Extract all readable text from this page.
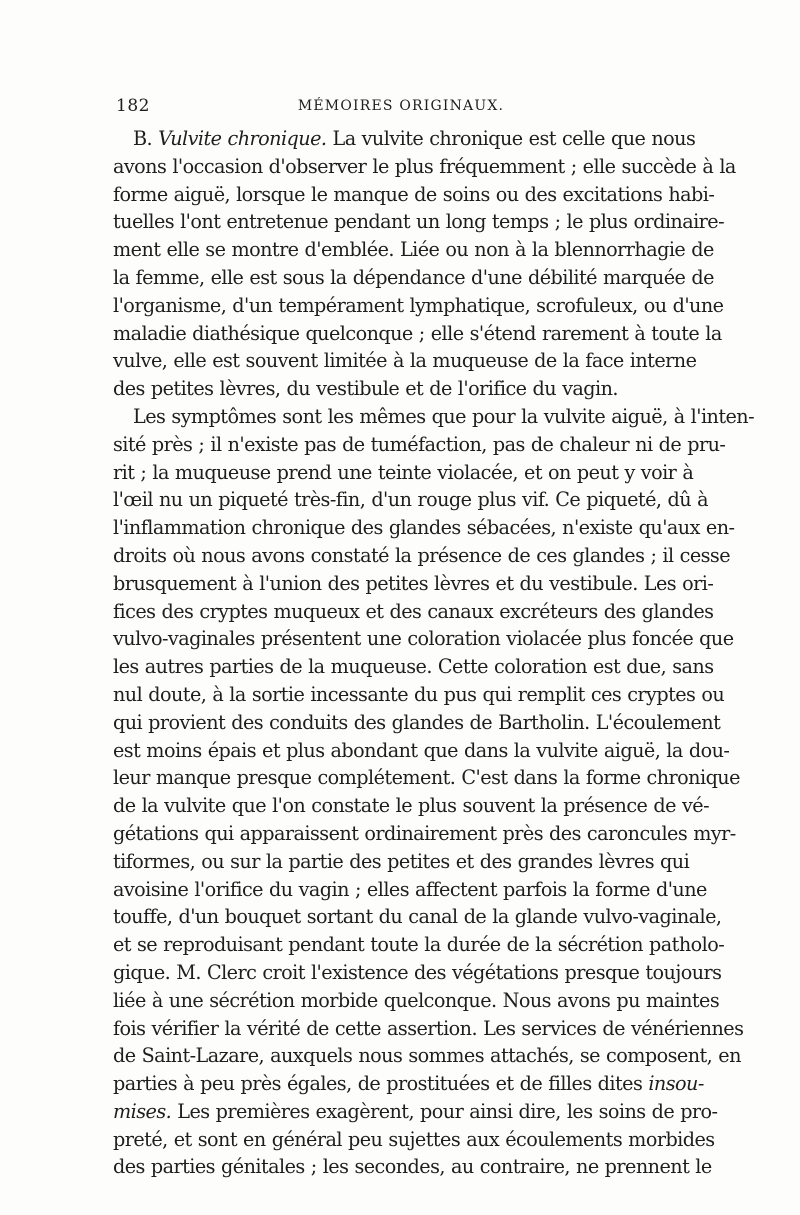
182	MÉMOIRES ORIGINAUX.
B. Vulvite chronique. La vulvite chronique est celle que nous
avons l'occasion d'observer le plus fréquemment ; elle succède à la
forme aiguë, lorsque le manque de soins ou des excitations habi-
tuelles l'ont entretenue pendant un long temps ; le plus ordinaire-
ment elle se montre d'emblée. Liée ou non à la blennorrhagie de
la femme, elle est sous la dépendance d'une débilité marquée de
l'organisme, d'un tempérament lymphatique, scrofuleux, ou d'une
maladie diathésique quelconque ; elle s'étend rarement à toute la
vulve, elle est souvent limitée à la muqueuse de la face interne
des petites lèvres, du vestibule et de l'orifice du vagin.
Les symptômes sont les mêmes que pour la vulvite aiguë, à l'inten-
sité près ; il n'existe pas de tuméfaction, pas de chaleur ni de pru-
rit ; la muqueuse prend une teinte violacée, et on peut y voir à
l'œil nu un piqueté très-fin, d'un rouge plus vif. Ce piqueté, dû à
l'inflammation chronique des glandes sébacées, n'existe qu'aux en-
droits où nous avons constaté la présence de ces glandes ; il cesse
brusquement à l'union des petites lèvres et du vestibule. Les ori-
fices des cryptes muqueux et des canaux excréteurs des glandes
vulvo-vaginales présentent une coloration violacée plus foncée que
les autres parties de la muqueuse. Cette coloration est due, sans
nul doute, à la sortie incessante du pus qui remplit ces cryptes ou
qui provient des conduits des glandes de Bartholin. L'écoulement
est moins épais et plus abondant que dans la vulvite aiguë, la dou-
leur manque presque complétement. C'est dans la forme chronique
de la vulvite que l'on constate le plus souvent la présence de vé-
gétations qui apparaissent ordinairement près des caroncules myr-
tiformes, ou sur la partie des petites et des grandes lèvres qui
avoisine l'orifice du vagin ; elles affectent parfois la forme d'une
touffe, d'un bouquet sortant du canal de la glande vulvo-vaginale,
et se reproduisant pendant toute la durée de la sécrétion patholo-
gique. M. Clerc croit l'existence des végétations presque toujours
liée à une sécrétion morbide quelconque. Nous avons pu maintes
fois vérifier la vérité de cette assertion. Les services de vénériennes
de Saint-Lazare, auxquels nous sommes attachés, se composent, en
parties à peu près égales, de prostituées et de filles dites insou-
mises. Les premières exagèrent, pour ainsi dire, les soins de pro-
preté, et sont en général peu sujettes aux écoulements morbides
des parties génitales ; les secondes, au contraire, ne prennent le
